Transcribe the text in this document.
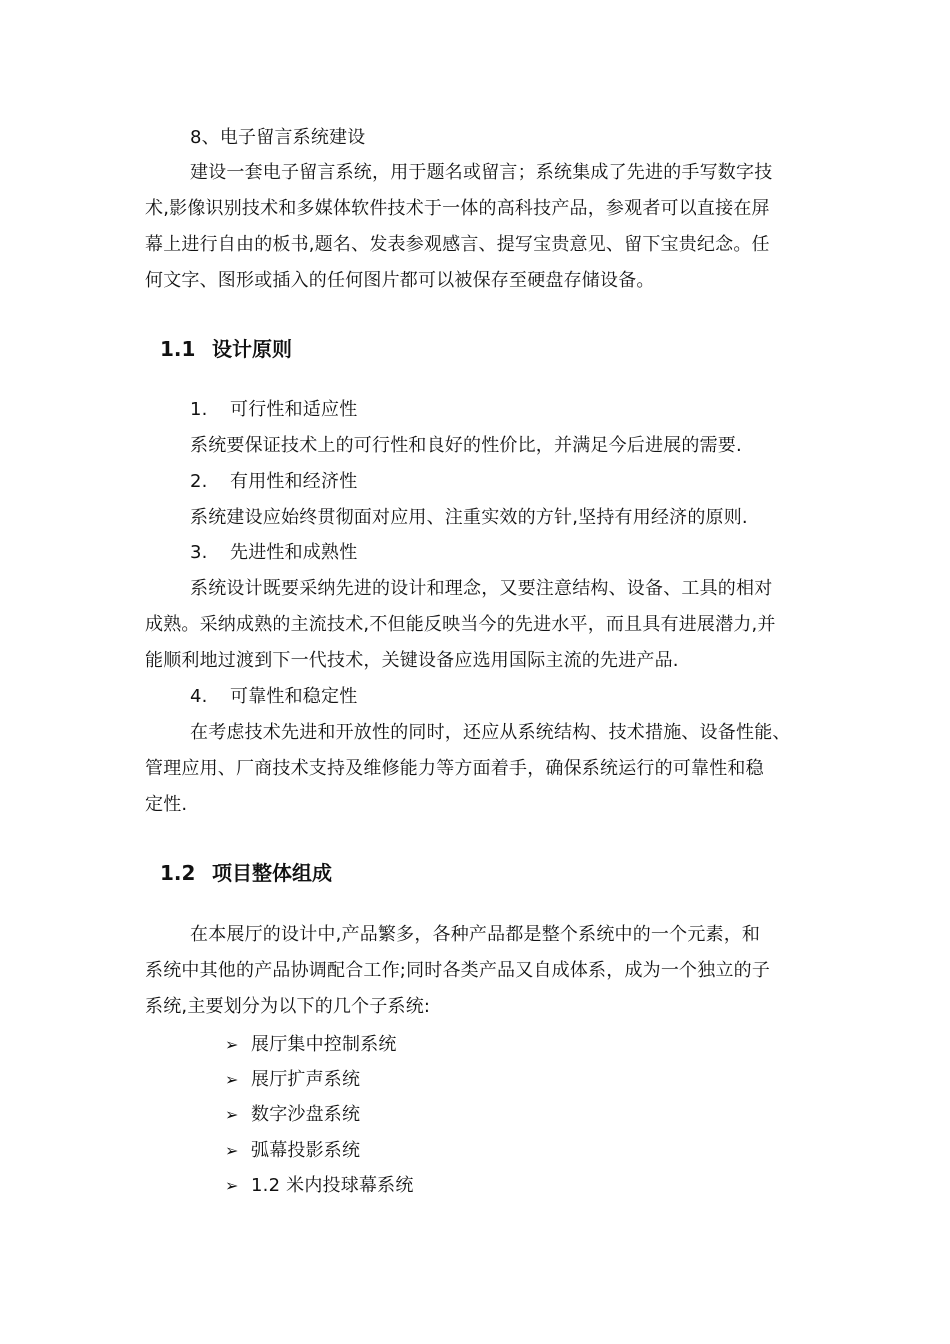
8、电子留言系统建设
建设一套电子留言系统，用于题名或留言；系统集成了先进的手写数字技
术,影像识别技术和多媒体软件技术于一体的高科技产品，参观者可以直接在屏
幕上进行自由的板书,题名、发表参观感言、提写宝贵意见、留下宝贵纪念。任
何文字、图形或插入的任何图片都可以被保存至硬盘存储设备。
1.1 设计原则
1. 可行性和适应性
系统要保证技术上的可行性和良好的性价比，并满足今后进展的需要.
2. 有用性和经济性
系统建设应始终贯彻面对应用、注重实效的方针,坚持有用经济的原则.
3. 先进性和成熟性
系统设计既要采纳先进的设计和理念，又要注意结构、设备、工具的相对
成熟。采纳成熟的主流技术,不但能反映当今的先进水平，而且具有进展潜力,并
能顺利地过渡到下一代技术，关键设备应选用国际主流的先进产品.
4. 可靠性和稳定性
在考虑技术先进和开放性的同时，还应从系统结构、技术措施、设备性能、
管理应用、厂商技术支持及维修能力等方面着手，确保系统运行的可靠性和稳
定性.
1.2 项目整体组成
在本展厅的设计中,产品繁多，各种产品都是整个系统中的一个元素，和
系统中其他的产品协调配合工作;同时各类产品又自成体系，成为一个独立的子
系统,主要划分为以下的几个子系统:
➢ 展厅集中控制系统
➢ 展厅扩声系统
➢ 数字沙盘系统
➢ 弧幕投影系统
➢ 1.2 米内投球幕系统
